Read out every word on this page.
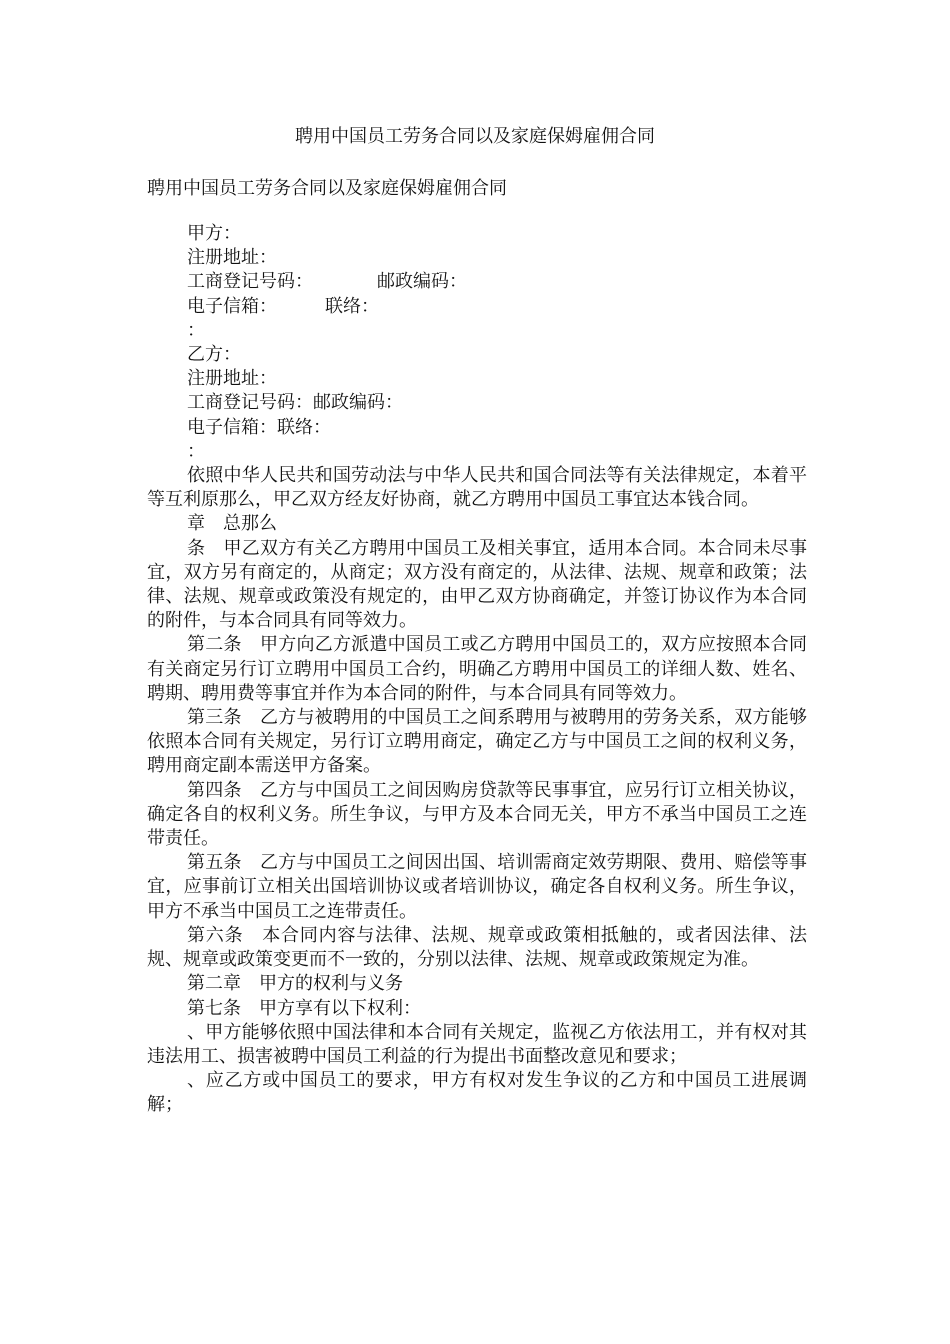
聘用中国员工劳务合同以及家庭保姆雇佣合同
聘用中国员工劳务合同以及家庭保姆雇佣合同
甲方：
注册地址：
工商登记号码：	邮政编码：
电子信箱：	联络：
：
乙方：
注册地址：
工商登记号码：邮政编码：
电子信箱：联络：
：

依照中华人民共和国劳动法与中华人民共和国合同法等有关法律规定，本着平等互利原那么，甲乙双方经友好协商，就乙方聘用中国员工事宜达本钱合同。

章　总那么

条　甲乙双方有关乙方聘用中国员工及相关事宜，适用本合同。本合同未尽事宜，双方另有商定的，从商定；双方没有商定的，从法律、法规、规章和政策；法律、法规、规章或政策没有规定的，由甲乙双方协商确定，并签订协议作为本合同的附件，与本合同具有同等效力。

第二条　甲方向乙方派遣中国员工或乙方聘用中国员工的，双方应按照本合同有关商定另行订立聘用中国员工合约，明确乙方聘用中国员工的详细人数、姓名、聘期、聘用费等事宜并作为本合同的附件，与本合同具有同等效力。

第三条　乙方与被聘用的中国员工之间系聘用与被聘用的劳务关系，双方能够依照本合同有关规定，另行订立聘用商定，确定乙方与中国员工之间的权利义务，聘用商定副本需送甲方备案。

第四条　乙方与中国员工之间因购房贷款等民事事宜，应另行订立相关协议，确定各自的权利义务。所生争议，与甲方及本合同无关，甲方不承当中国员工之连带责任。

第五条　乙方与中国员工之间因出国、培训需商定效劳期限、费用、赔偿等事宜，应事前订立相关出国培训协议或者培训协议，确定各自权利义务。所生争议，甲方不承当中国员工之连带责任。

第六条　本合同内容与法律、法规、规章或政策相抵触的，或者因法律、法规、规章或政策变更而不一致的，分别以法律、法规、规章或政策规定为准。

第二章　甲方的权利与义务

第七条　甲方享有以下权利：

、甲方能够依照中国法律和本合同有关规定，监视乙方依法用工，并有权对其违法用工、损害被聘中国员工利益的行为提出书面整改意见和要求；

、应乙方或中国员工的要求，甲方有权对发生争议的乙方和中国员工进展调解；
